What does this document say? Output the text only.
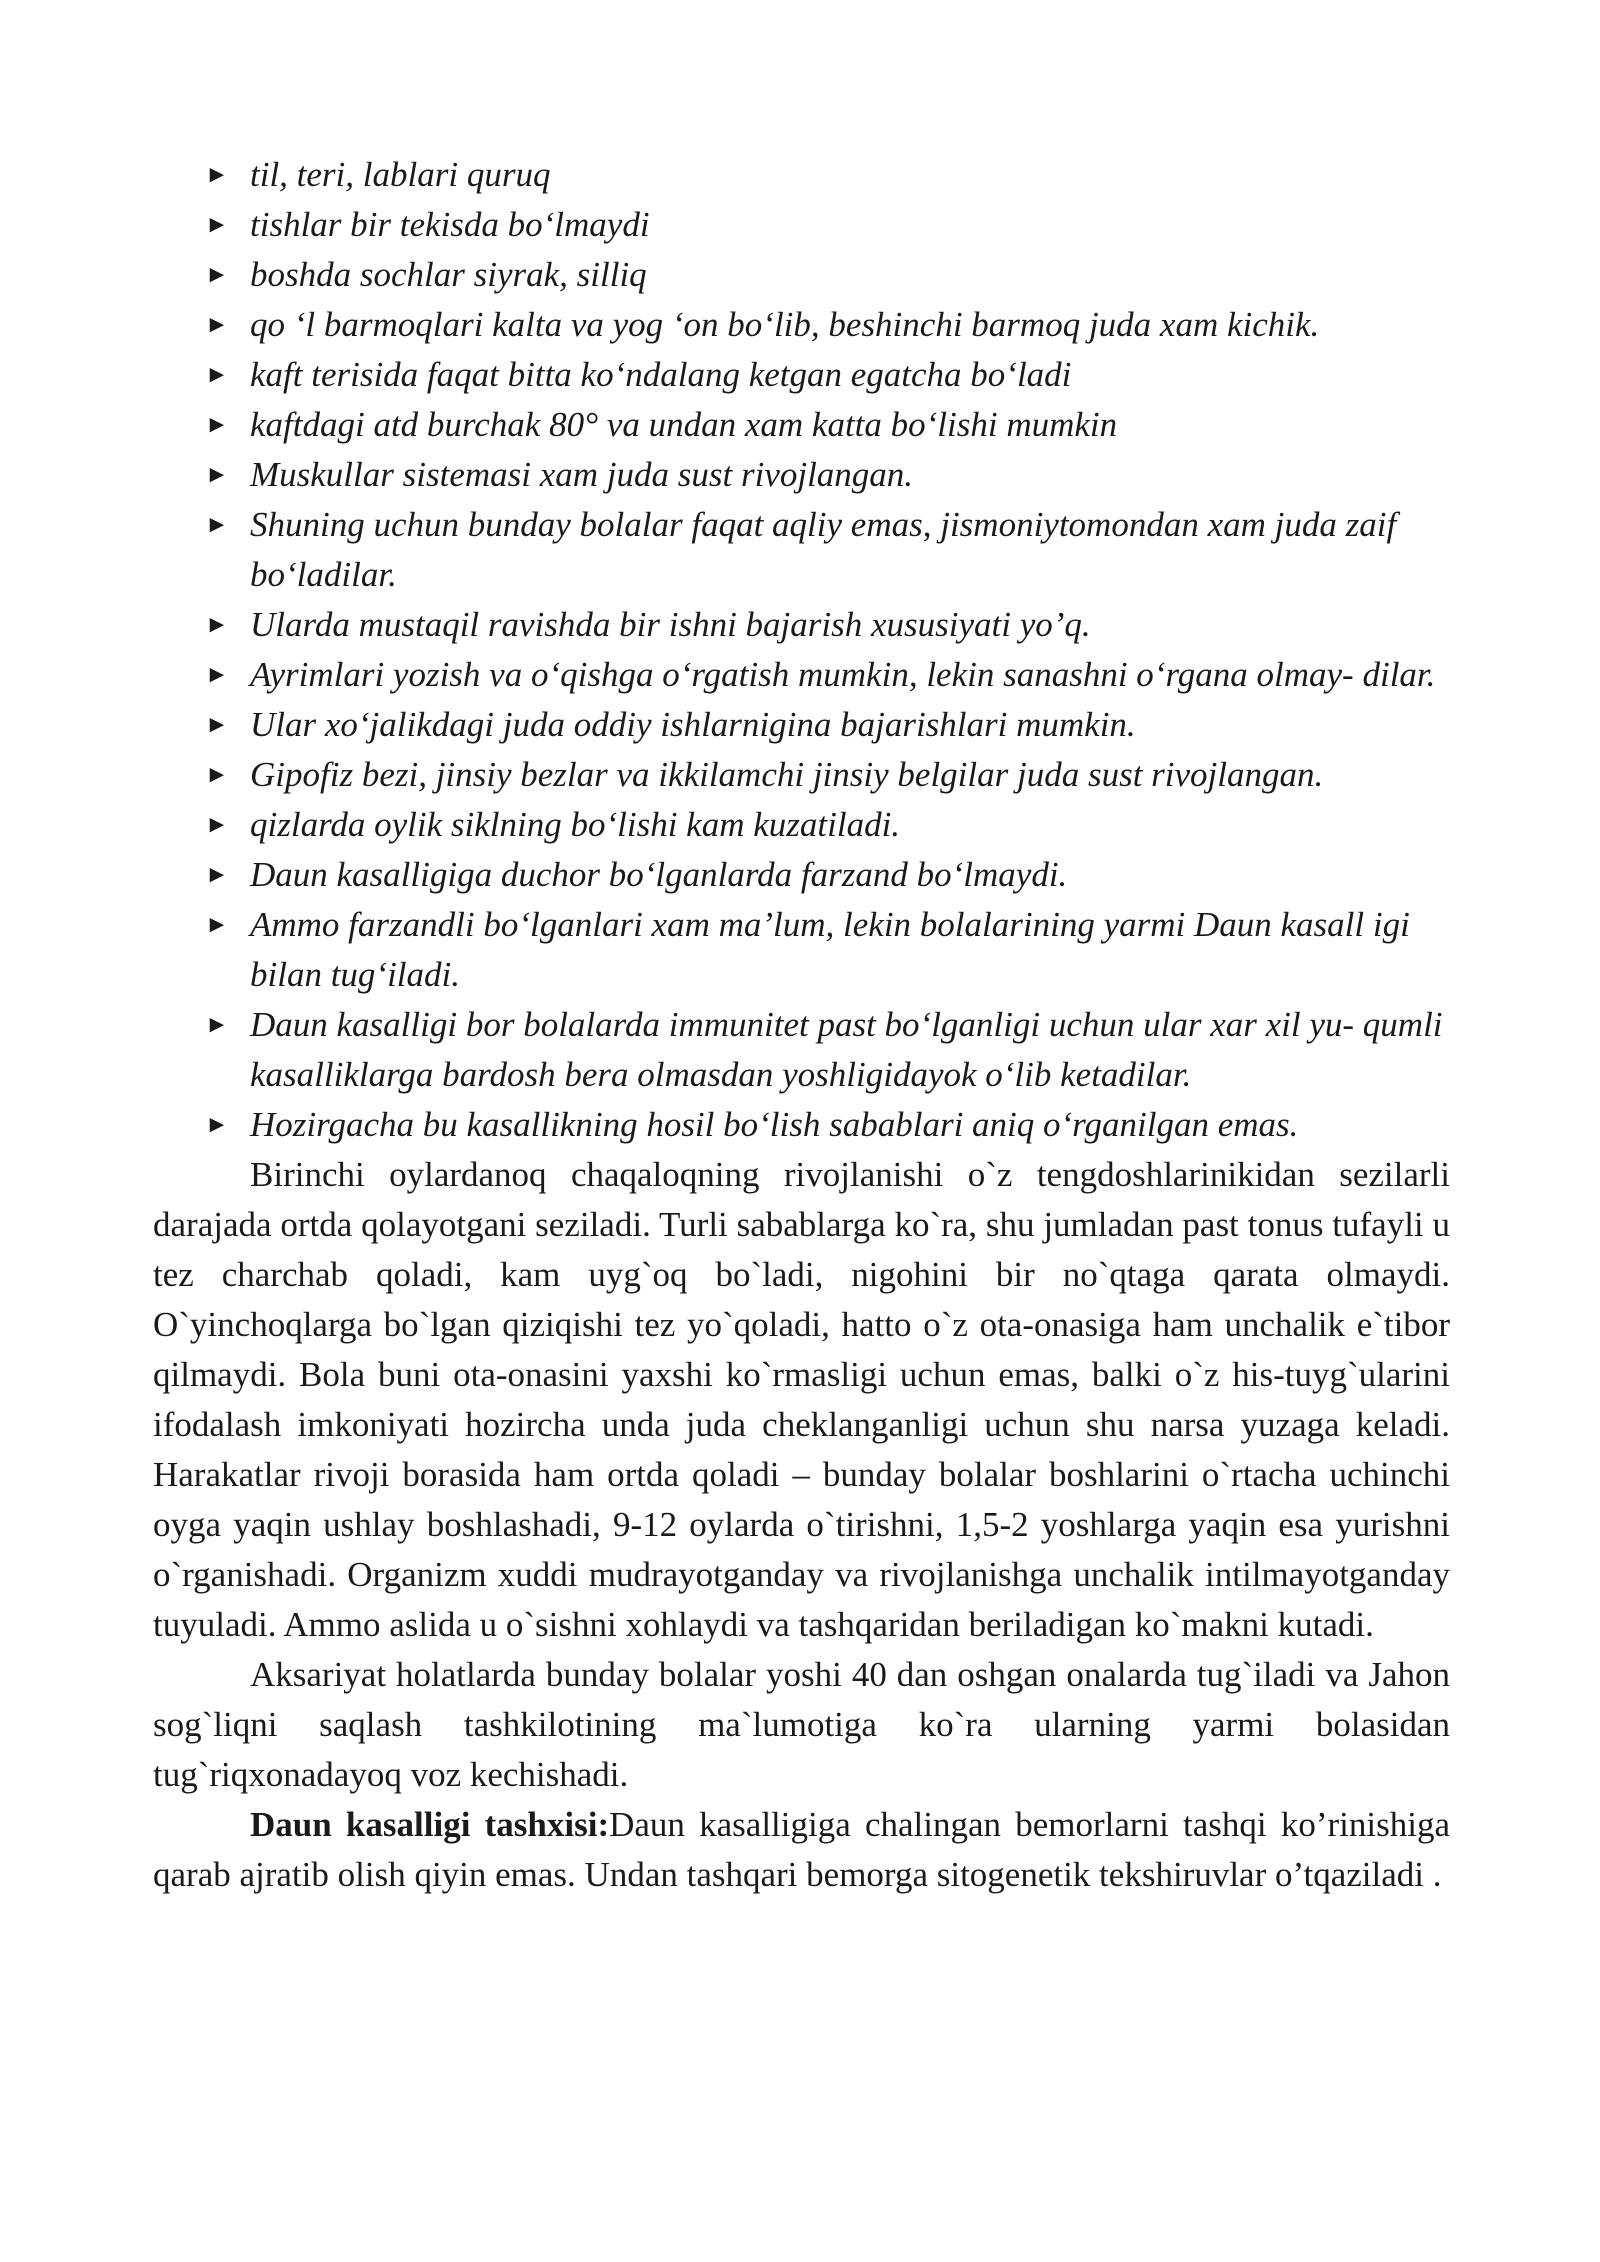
► til, teri, lablari quruq
► tishlar bir tekisda bo‘lmaydi
► boshda sochlar siyrak, silliq
► qo ‘l barmoqlari kalta va yog ‘on bo‘lib, beshinchi barmoq juda xam kichik.
► kaft terisida faqat bitta ko‘ndalang ketgan egatcha bo‘ladi
► kaftdagi atd burchak 80° va undan xam katta bo‘lishi mumkin
► Muskullar sistemasi xam juda sust rivojlangan.
► Shuning uchun bunday bolalar faqat aqliy emas, jismoniytomondan xam juda zaif bo‘ladilar.
► Ularda mustaqil ravishda bir ishni bajarish xususiyati yo’q.
► Ayrimlari yozish va o‘qishga o‘rgatish mumkin, lekin sanashni o‘rgana olmay- dilar.
► Ular xo‘jalikdagi juda oddiy ishlarnigina bajarishlari mumkin.
► Gipofiz bezi, jinsiy bezlar va ikkilamchi jinsiy belgilar juda sust rivojlangan.
► qizlarda oylik siklning bo‘lishi kam kuzatiladi.
► Daun kasalligiga duchor bo‘lganlarda farzand bo‘lmaydi.
► Ammo farzandli bo‘lganlari xam ma’lum, lekin bolalarining yarmi Daun kasall igi bilan tug‘iladi.
► Daun kasalligi bor bolalarda immunitet past bo‘lganligi uchun ular xar xil yu- qumli kasalliklarga bardosh bera olmasdan yoshligidayok o‘lib ketadilar.
► Hozirgacha bu kasallikning hosil bo‘lish sabablari aniq o‘rganilgan emas.

Birinchi oylardanoq chaqaloqning rivojlanishi o`z tengdoshlarinikidan sezilarli darajada ortda qolayotgani seziladi. Turli sabablarga ko`ra, shu jumladan past tonus tufayli u tez charchab qoladi, kam uyg`oq bo`ladi, nigohini bir no`qtaga qarata olmaydi. O`yinchoqlarga bo`lgan qiziqishi tez yo`qoladi, hatto o`z ota-onasiga ham unchalik e`tibor qilmaydi. Bola buni ota-onasini yaxshi ko`rmasligi uchun emas, balki o`z his-tuyg`ularini ifodalash imkoniyati hozircha unda juda cheklanganligi uchun shu narsa yuzaga keladi. Harakatlar rivoji borasida ham ortda qoladi – bunday bolalar boshlarini o`rtacha uchinchi oyga yaqin ushlay boshlashadi, 9-12 oylarda o`tirishni, 1,5-2 yoshlarga yaqin esa yurishni o`rganishadi. Organizm xuddi mudrayotganday va rivojlanishga unchalik intilmayotganday tuyuladi. Ammo aslida u o`sishni xohlaydi va tashqaridan beriladigan ko`makni kutadi.

Aksariyat holatlarda bunday bolalar yoshi 40 dan oshgan onalarda tug`iladi va Jahon sog`liqni saqlash tashkilotining ma`lumotiga ko`ra ularning yarmi bolasidan tug`riqxonadayoq voz kechishadi.

Daun kasalligi tashxisi:Daun kasalligiga chalingan bemorlarni tashqi ko’rinishiga qarab ajratib olish qiyin emas. Undan tashqari bemorga sitogenetik tekshiruvlar o’tqaziladi .
